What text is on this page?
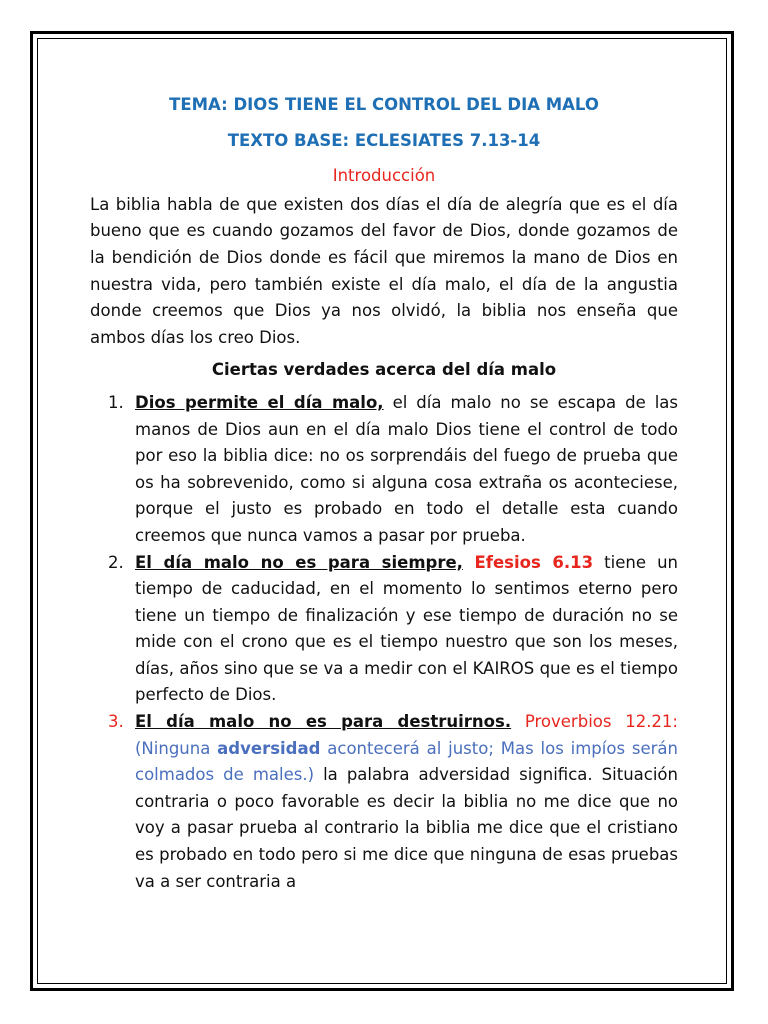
TEMA: DIOS TIENE EL CONTROL DEL DIA MALO

TEXTO BASE: ECLESIATES 7.13-14

Introducción

La biblia habla de que existen dos días el día de alegría que es el día bueno que es cuando gozamos del favor de Dios, donde gozamos de la bendición de Dios donde es fácil que miremos la mano de Dios en nuestra vida, pero también existe el día malo, el día de la angustia donde creemos que Dios ya nos olvidó, la biblia nos enseña que ambos días los creo Dios.

Ciertas verdades acerca del día malo

1. Dios permite el día malo, el día malo no se escapa de las manos de Dios aun en el día malo Dios tiene el control de todo por eso la biblia dice: no os sorprendáis del fuego de prueba que os ha sobrevenido, como si alguna cosa extraña os aconteciese, porque el justo es probado en todo el detalle esta cuando creemos que nunca vamos a pasar por prueba.
2. El día malo no es para siempre, Efesios 6.13 tiene un tiempo de caducidad, en el momento lo sentimos eterno pero tiene un tiempo de finalización y ese tiempo de duración no se mide con el crono que es el tiempo nuestro que son los meses, días, años sino que se va a medir con el KAIROS que es el tiempo perfecto de Dios.
3. El día malo no es para destruirnos. Proverbios 12.21: (Ninguna adversidad acontecerá al justo; Mas los impíos serán colmados de males.) la palabra adversidad significa. Situación contraria o poco favorable es decir la biblia no me dice que no voy a pasar prueba al contrario la biblia me dice que el cristiano es probado en todo pero si me dice que ninguna de esas pruebas va a ser contraria a
